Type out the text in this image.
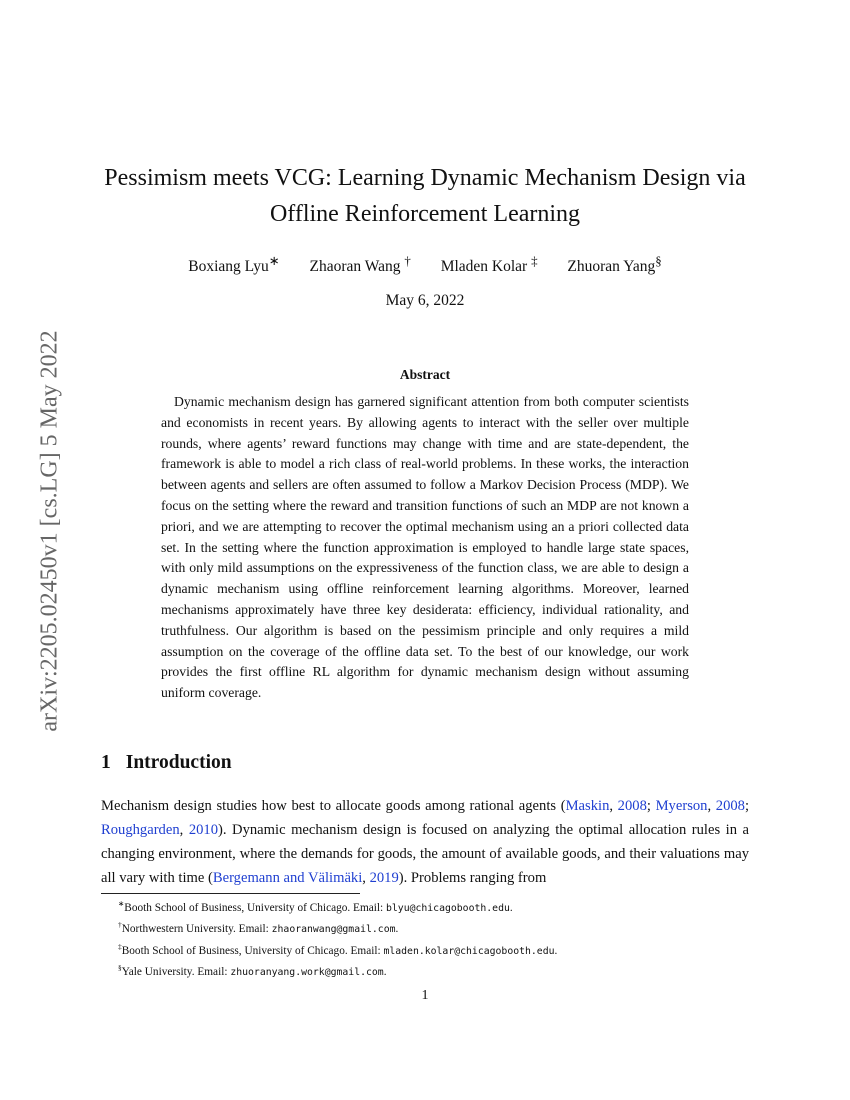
arXiv:2205.02450v1 [cs.LG] 5 May 2022
Pessimism meets VCG: Learning Dynamic Mechanism Design via
Offline Reinforcement Learning
Boxiang Lyu∗ Zhaoran Wang † Mladen Kolar ‡ Zhuoran Yang§
May 6, 2022
Abstract

Dynamic mechanism design has garnered significant attention from both computer scientists and economists in recent years. By allowing agents to interact with the seller over multiple rounds, where agents’ reward functions may change with time and are state-dependent, the framework is able to model a rich class of real-world problems. In these works, the interaction between agents and sellers are often assumed to follow a Markov Decision Process (MDP). We focus on the setting where the reward and transition functions of such an MDP are not known a priori, and we are attempting to recover the optimal mechanism using an a priori collected data set. In the setting where the function approximation is employed to handle large state spaces, with only mild assumptions on the expressiveness of the function class, we are able to design a dynamic mechanism using offline reinforcement learning algorithms. Moreover, learned mechanisms approximately have three key desiderata: efficiency, individual rationality, and truthfulness. Our algorithm is based on the pessimism principle and only requires a mild assumption on the coverage of the offline data set. To the best of our knowledge, our work provides the first offline RL algorithm for dynamic mechanism design without assuming uniform coverage.

1 Introduction

Mechanism design studies how best to allocate goods among rational agents (Maskin, 2008; Myerson, 2008; Roughgarden, 2010). Dynamic mechanism design is focused on analyzing the optimal allocation rules in a changing environment, where the demands for goods, the amount of available goods, and their valuations may all vary with time (Bergemann and Välimäki, 2019). Problems ranging from

∗Booth School of Business, University of Chicago. Email: blyu@chicagobooth.edu.
†Northwestern University. Email: zhaoranwang@gmail.com.
‡Booth School of Business, University of Chicago. Email: mladen.kolar@chicagobooth.edu.
§Yale University. Email: zhuoranyang.work@gmail.com.
1
